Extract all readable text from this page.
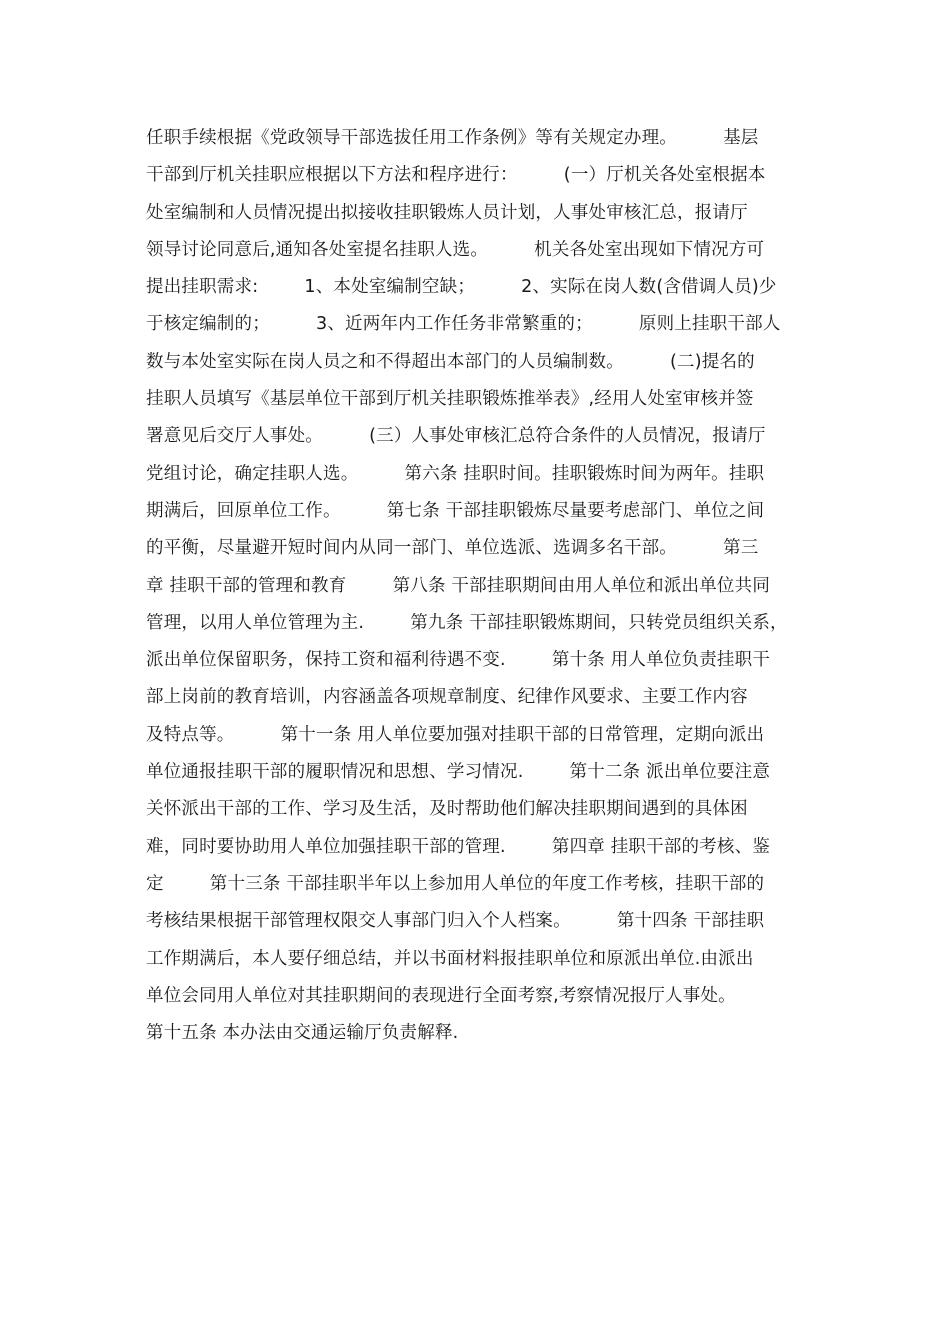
任职手续根据《党政领导干部选拔任用工作条例》等有关规定办理。        基层
干部到厅机关挂职应根据以下方法和程序进行：        (一）厅机关各处室根据本
处室编制和人员情况提出拟接收挂职锻炼人员计划，人事处审核汇总，报请厅
领导讨论同意后,通知各处室提名挂职人选。        机关各处室出现如下情况方可
提出挂职需求:        1、本处室编制空缺；        2、实际在岗人数(含借调人员)少
于核定编制的；        3、近两年内工作任务非常繁重的；        原则上挂职干部人
数与本处室实际在岗人员之和不得超出本部门的人员编制数。        (二)提名的
挂职人员填写《基层单位干部到厅机关挂职锻炼推举表》,经用人处室审核并签
署意见后交厅人事处。        (三）人事处审核汇总符合条件的人员情况，报请厅
党组讨论，确定挂职人选。        第六条 挂职时间。挂职锻炼时间为两年。挂职
期满后，回原单位工作。        第七条 干部挂职锻炼尽量要考虑部门、单位之间
的平衡，尽量避开短时间内从同一部门、单位选派、选调多名干部。        第三
章 挂职干部的管理和教育        第八条 干部挂职期间由用人单位和派出单位共同
管理，以用人单位管理为主.        第九条 干部挂职锻炼期间，只转党员组织关系，
派出单位保留职务，保持工资和福利待遇不变.        第十条 用人单位负责挂职干
部上岗前的教育培训，内容涵盖各项规章制度、纪律作风要求、主要工作内容
及特点等。        第十一条 用人单位要加强对挂职干部的日常管理，定期向派出
单位通报挂职干部的履职情况和思想、学习情况.        第十二条 派出单位要注意
关怀派出干部的工作、学习及生活，及时帮助他们解决挂职期间遇到的具体困
难，同时要协助用人单位加强挂职干部的管理.        第四章 挂职干部的考核、鉴
定        第十三条 干部挂职半年以上参加用人单位的年度工作考核，挂职干部的
考核结果根据干部管理权限交人事部门归入个人档案。        第十四条 干部挂职
工作期满后，本人要仔细总结，并以书面材料报挂职单位和原派出单位.由派出
单位会同用人单位对其挂职期间的表现进行全面考察,考察情况报厅人事处。
第十五条 本办法由交通运输厅负责解释.
